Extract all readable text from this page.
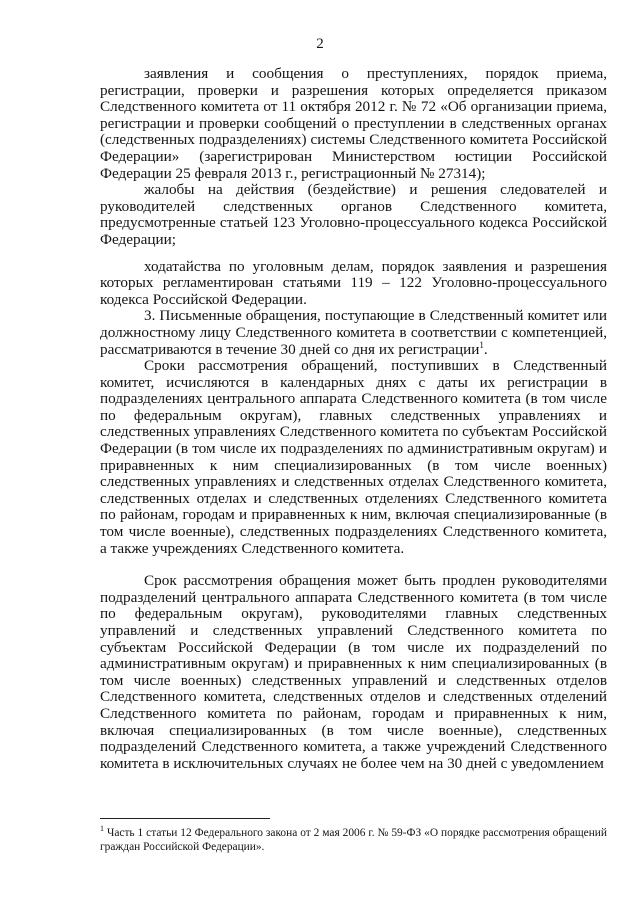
2

заявления и сообщения о преступлениях, порядок приема, регистрации, проверки и разрешения которых определяется приказом Следственного комитета от 11 октября 2012 г. № 72 «Об организации приема, регистрации и проверки сообщений о преступлении в следственных органах (следственных подразделениях) системы Следственного комитета Российской Федерации» (зарегистрирован Министерством юстиции Российской Федерации 25 февраля 2013 г., регистрационный № 27314);

жалобы на действия (бездействие) и решения следователей и руководителей следственных органов Следственного комитета, предусмотренные статьей 123 Уголовно-процессуального кодекса Российской Федерации;

ходатайства по уголовным делам, порядок заявления и разрешения которых регламентирован статьями 119 – 122 Уголовно-процессуального кодекса Российской Федерации.

3. Письменные обращения, поступающие в Следственный комитет или должностному лицу Следственного комитета в соответствии с компетенцией, рассматриваются в течение 30 дней со дня их регистрации$^1$.

Сроки рассмотрения обращений, поступивших в Следственный комитет, исчисляются в календарных днях с даты их регистрации в подразделениях центрального аппарата Следственного комитета (в том числе по федеральным округам), главных следственных управлениях и следственных управлениях Следственного комитета по субъектам Российской Федерации (в том числе их подразделениях по административным округам) и приравненных к ним специализированных (в том числе военных) следственных управлениях и следственных отделах Следственного комитета, следственных отделах и следственных отделениях Следственного комитета по районам, городам и приравненных к ним, включая специализированные (в том числе военные), следственных подразделениях Следственного комитета, а также учреждениях Следственного комитета.

Срок рассмотрения обращения может быть продлен руководителями подразделений центрального аппарата Следственного комитета (в том числе по федеральным округам), руководителями главных следственных управлений и следственных управлений Следственного комитета по субъектам Российской Федерации (в том числе их подразделений по административным округам) и приравненных к ним специализированных (в том числе военных) следственных управлений и следственных отделов Следственного комитета, следственных отделов и следственных отделений Следственного комитета по районам, городам и приравненных к ним, включая специализированных (в том числе военные), следственных подразделений Следственного комитета, а также учреждений Следственного комитета в исключительных случаях не более чем на 30 дней с уведомлением

$^1$ Часть 1 статьи 12 Федерального закона от 2 мая 2006 г. № 59-ФЗ «О порядке рассмотрения обращений граждан Российской Федерации».
